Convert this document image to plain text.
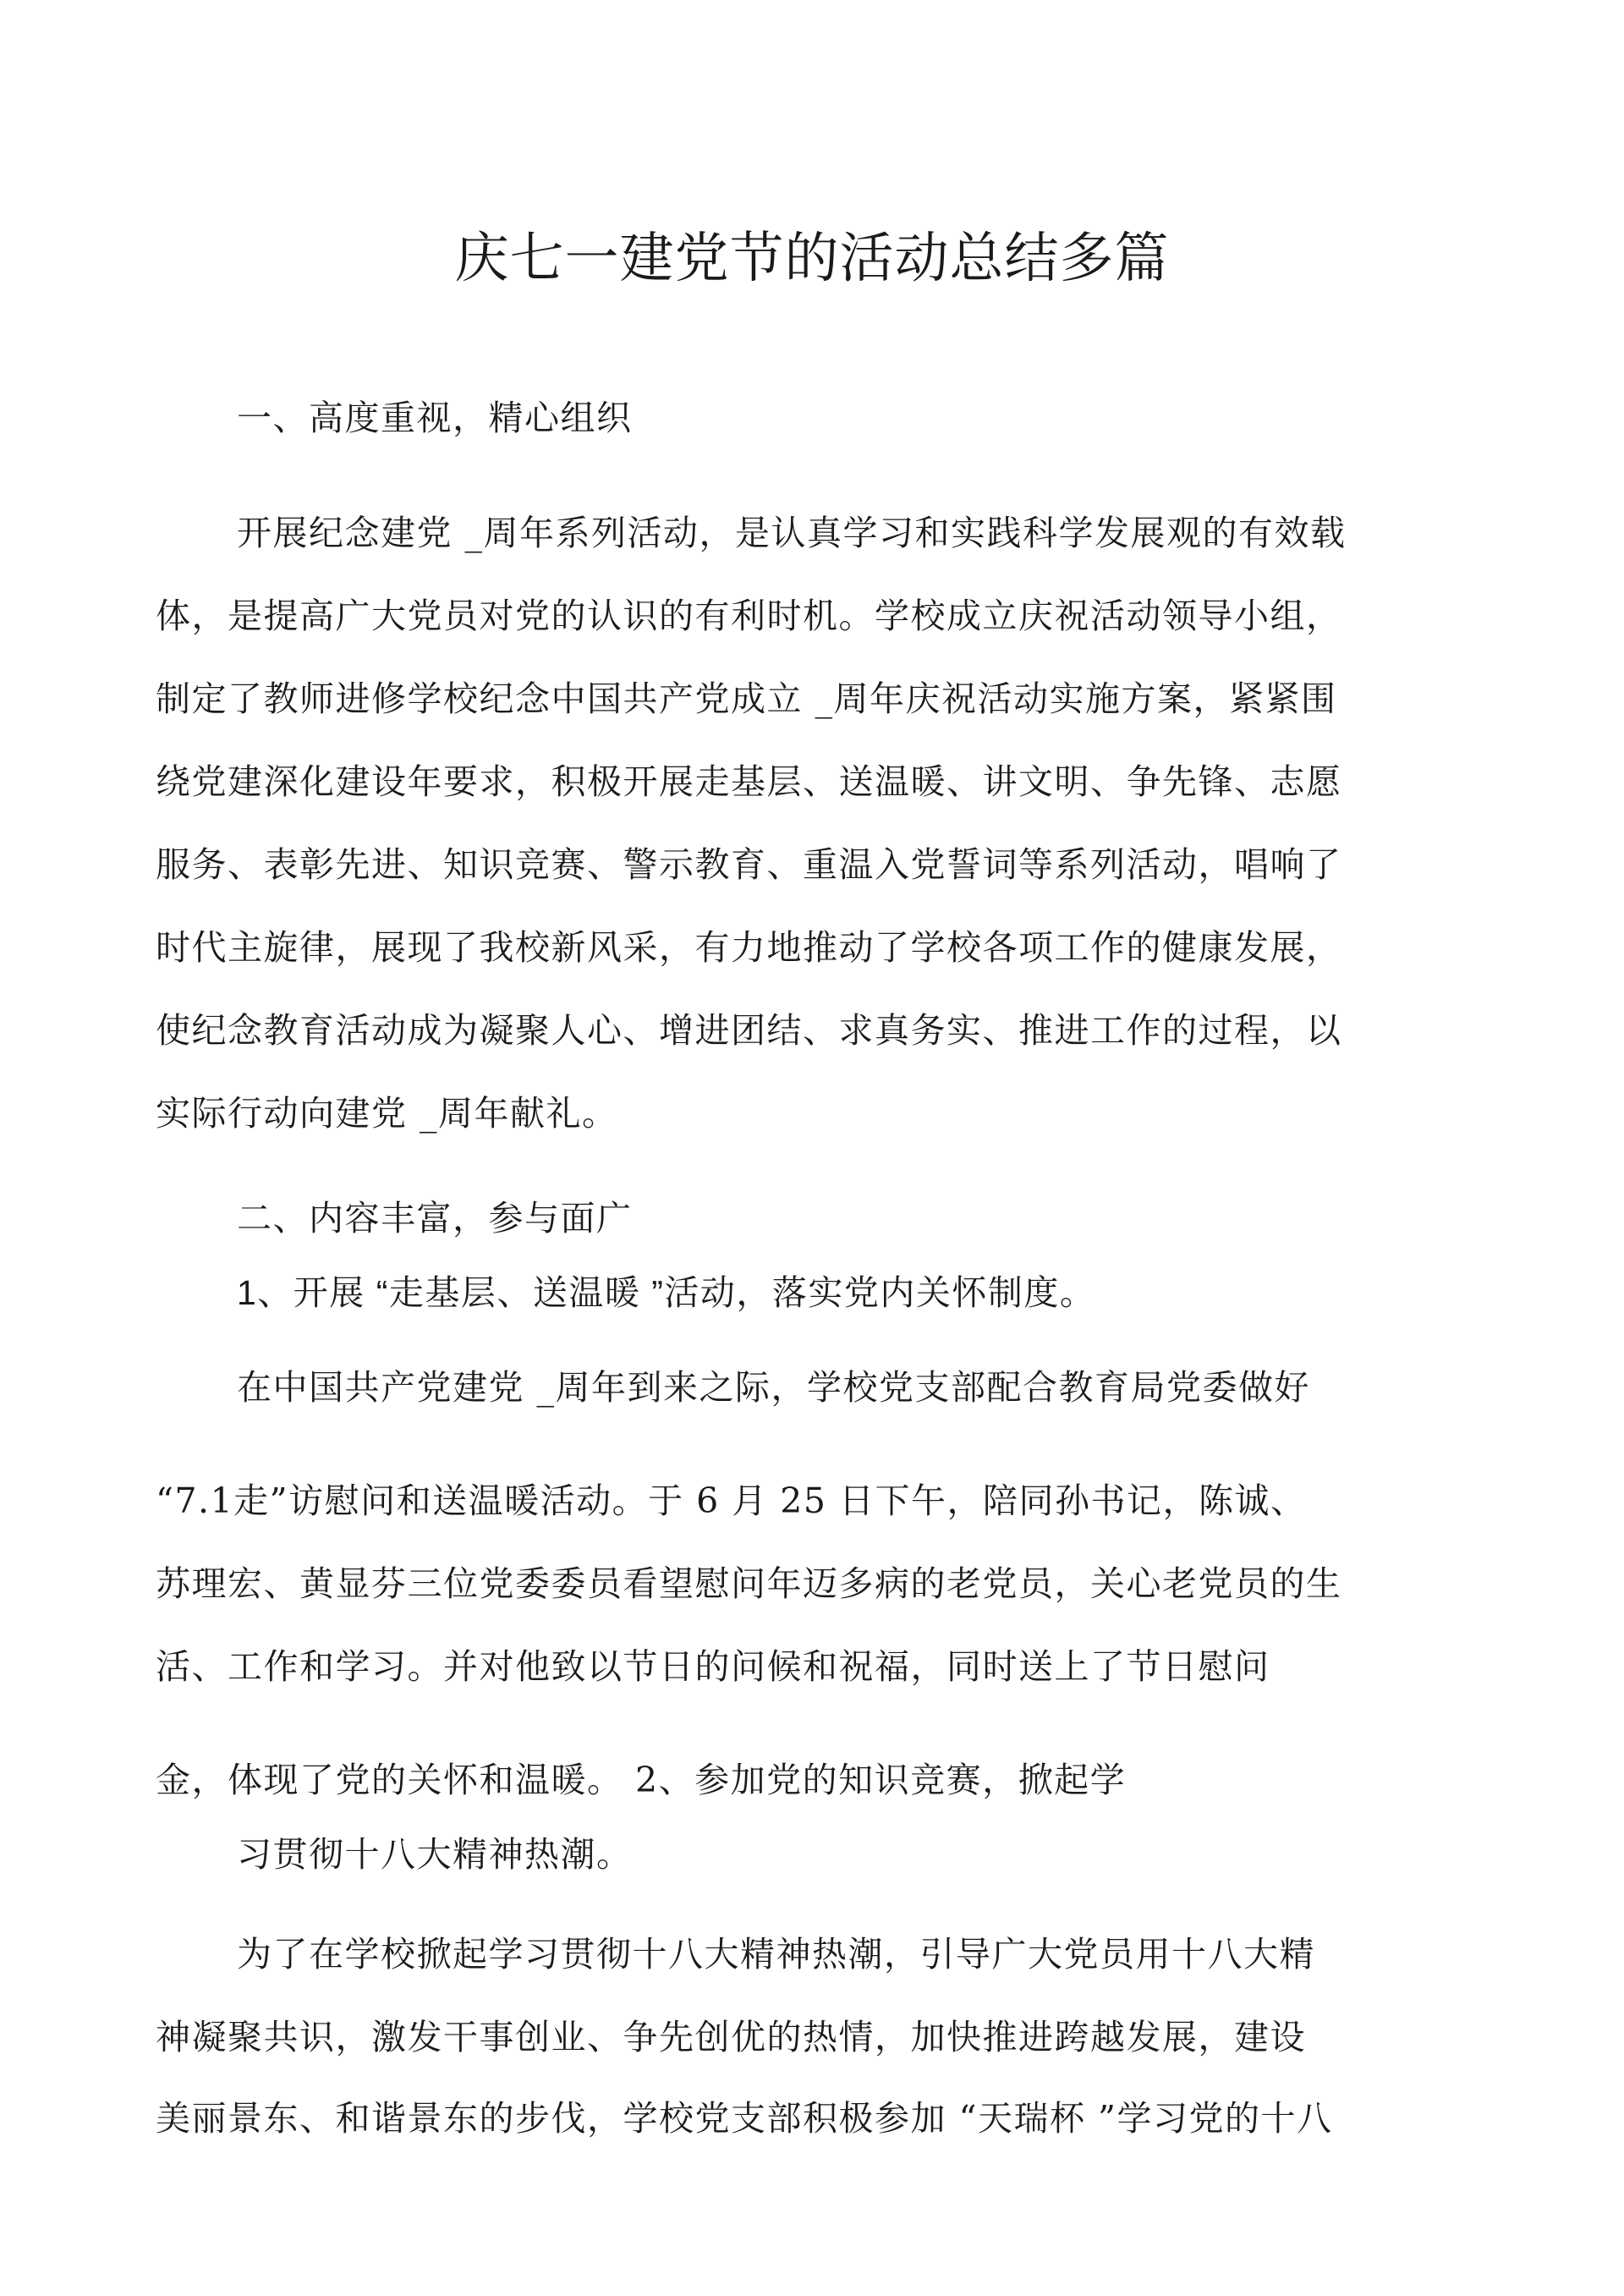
庆七一建党节的活动总结多篇

一、高度重视，精心组织

开展纪念建党 _周年系列活动，是认真学习和实践科学发展观的有效载

体，是提高广大党员对党的认识的有利时机。学校成立庆祝活动领导小组，

制定了教师进修学校纪念中国共产党成立 _周年庆祝活动实施方案，紧紧围

绕党建深化建设年要求，积极开展走基层、送温暖、讲文明、争先锋、志愿

服务、表彰先进、知识竞赛、警示教育、重温入党誓词等系列活动，唱响了

时代主旋律，展现了我校新风采，有力地推动了学校各项工作的健康发展，

使纪念教育活动成为凝聚人心、增进团结、求真务实、推进工作的过程，以

实际行动向建党 _周年献礼。

二、内容丰富，参与面广

1、开展 “走基层、送温暖 ”活动，落实党内关怀制度。

在中国共产党建党 _周年到来之际，学校党支部配合教育局党委做好

“7.1走”访慰问和送温暖活动。于 6 月 25 日下午，陪同孙书记，陈诚、

苏理宏、黄显芬三位党委委员看望慰问年迈多病的老党员，关心老党员的生

活、工作和学习。并对他致以节日的问候和祝福，同时送上了节日慰问

金，体现了党的关怀和温暖。 2、参加党的知识竞赛，掀起学

习贯彻十八大精神热潮。

为了在学校掀起学习贯彻十八大精神热潮，引导广大党员用十八大精

神凝聚共识，激发干事创业、争先创优的热情，加快推进跨越发展，建设

美丽景东、和谐景东的步伐，学校党支部积极参加 “天瑞杯 ”学习党的十八
